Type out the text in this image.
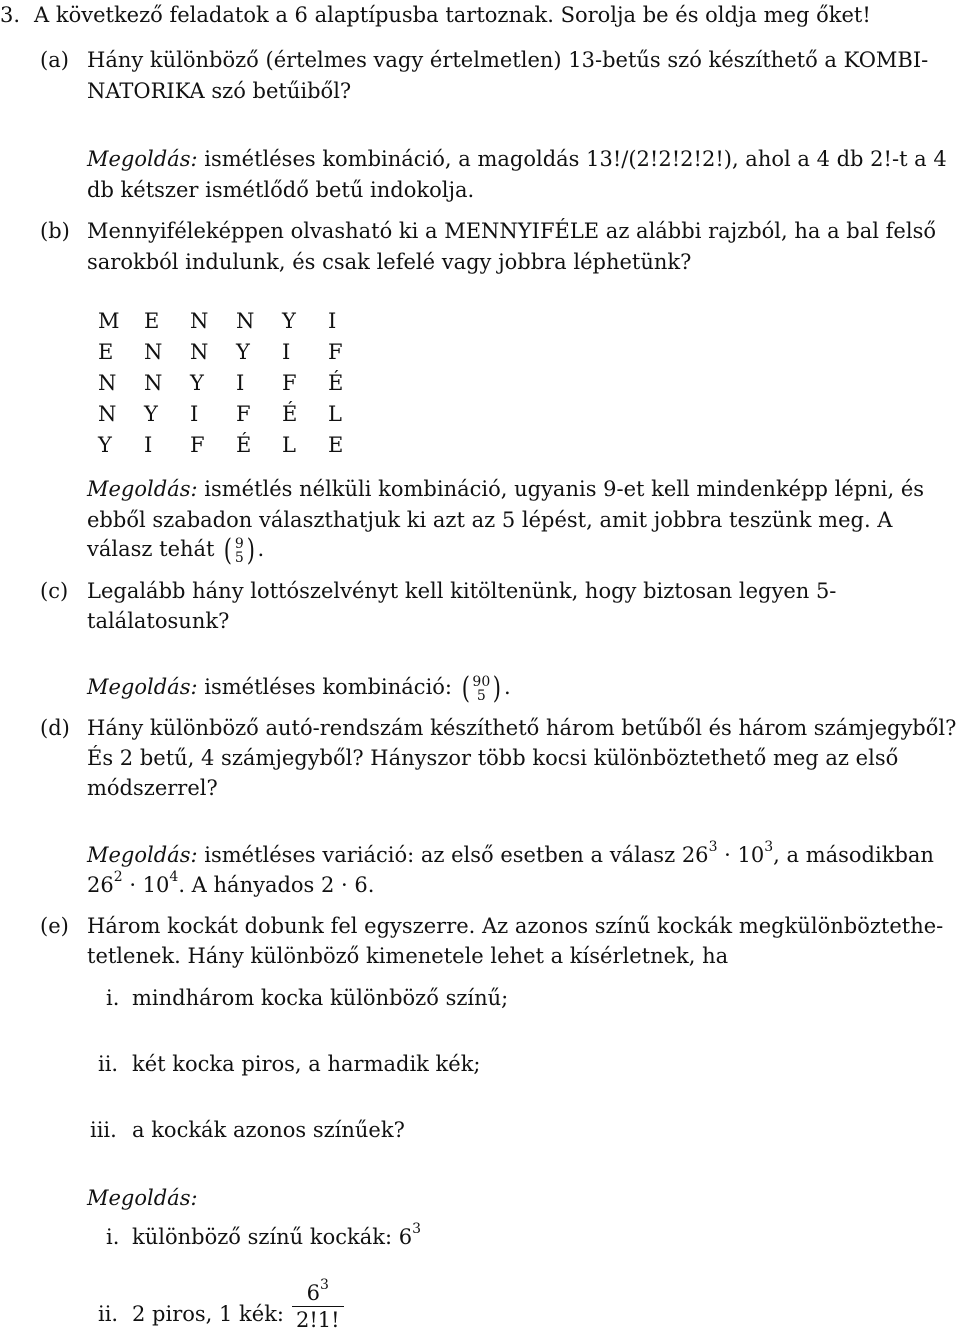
3. A következő feladatok a 6 alaptípusba tartoznak. Sorolja be és oldja meg őket!
(a) Hány különböző (értelmes vagy értelmetlen) 13-betűs szó készíthető a KOMBI-
NATORIKA szó betűiből?
Megoldás: ismétléses kombináció, a magoldás 13!/(2!2!2!2!), ahol a 4 db 2!-t a 4
db kétszer ismétlődő betű indokolja.
(b) Mennyiféleképpen olvasható ki a MENNYIFÉLE az alábbi rajzból, ha a bal felső
sarokból indulunk, és csak lefelé vagy jobbra léphetünk?
M	E	N	N	Y	I
E	N	N	Y	I	F
N	N	Y	I	F	É
N	Y	I	F	É	L
Y	I	F	É	L	E
Megoldás: ismétlés nélküli kombináció, ugyanis 9-et kell mindenképp lépni, és
ebből szabadon választhatjuk ki azt az 5 lépést, amit jobbra teszünk meg. A
válasz tehát ( 9
5 ) .
(c) Legalább hány lottószelvényt kell kitöltenünk, hogy biztosan legyen 5-
találatosunk?
Megoldás: ismétléses kombináció: ( 90
5 ) .
(d) Hány különböző autó-rendszám készíthető három betűből és három számjegyből?
És 2 betű, 4 számjegyből? Hányszor több kocsi különböztethető meg az első
módszerrel?
Megoldás: ismétléses variáció: az első esetben a válasz $26^3 \cdot 10^3$, a másodikban
$26^2 \cdot 10^4$. A hányados 2 · 6.
(e) Három kockát dobunk fel egyszerre. Az azonos színű kockák megkülönböztethe-
tetlenek. Hány különböző kimenetele lehet a kísérletnek, ha
i. mindhárom kocka különböző színű;
ii. két kocka piros, a harmadik kék;
iii. a kockák azonos színűek?
Megoldás:
i. különböző színű kockák: $6^3$
ii. 2 piros, 1 kék: $\frac{6^3}{2!1!}$
